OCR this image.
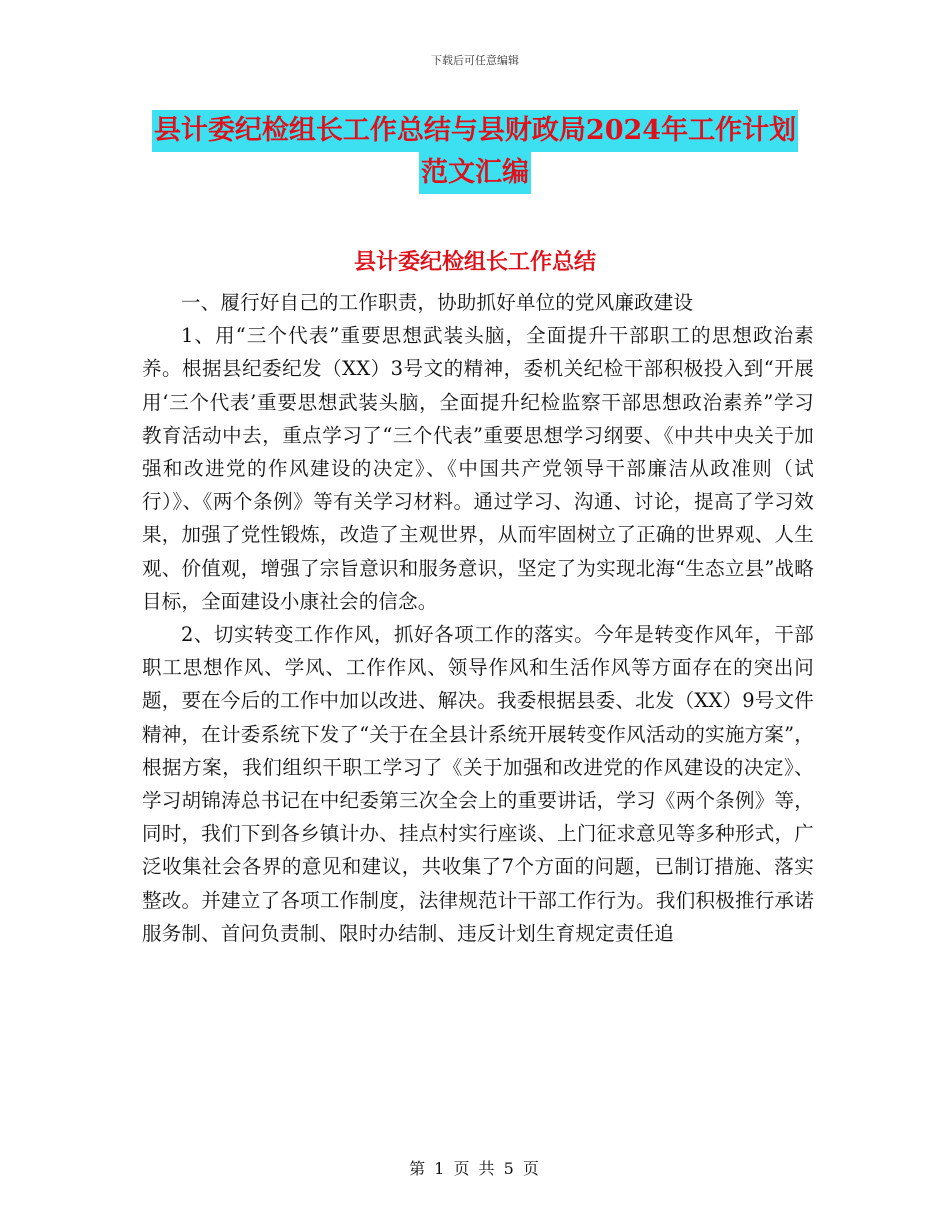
下载后可任意编辑
县计委纪检组长工作总结与县财政局2024年工作计划
范文汇编
县计委纪检组长工作总结

一、履行好自己的工作职责，协助抓好单位的党风廉政建设

1、用“三个代表”重要思想武装头脑，全面提升干部职工的思想政治素养。根据县纪委纪发（XX）3号文的精神，委机关纪检干部积极投入到“开展用‘三个代表’重要思想武装头脑，全面提升纪检监察干部思想政治素养”学习教育活动中去，重点学习了“三个代表”重要思想学习纲要、《中共中央关于加强和改进党的作风建设的决定》、《中国共产党领导干部廉洁从政准则（试行）》、《两个条例》等有关学习材料。通过学习、沟通、讨论，提高了学习效果，加强了党性锻炼，改造了主观世界，从而牢固树立了正确的世界观、人生观、价值观，增强了宗旨意识和服务意识，坚定了为实现北海“生态立县”战略目标，全面建设小康社会的信念。

2、切实转变工作作风，抓好各项工作的落实。今年是转变作风年，干部职工思想作风、学风、工作作风、领导作风和生活作风等方面存在的突出问题，要在今后的工作中加以改进、解决。我委根据县委、北发（XX）9号文件精神，在计委系统下发了“关于在全县计系统开展转变作风活动的实施方案”，根据方案，我们组织干职工学习了《关于加强和改进党的作风建设的决定》、学习胡锦涛总书记在中纪委第三次全会上的重要讲话，学习《两个条例》等，同时，我们下到各乡镇计办、挂点村实行座谈、上门征求意见等多种形式，广泛收集社会各界的意见和建议，共收集了7个方面的问题，已制订措施、落实整改。并建立了各项工作制度，法律规范计干部工作行为。我们积极推行承诺服务制、首问负责制、限时办结制、违反计划生育规定责任追

第 1 页 共 5 页
